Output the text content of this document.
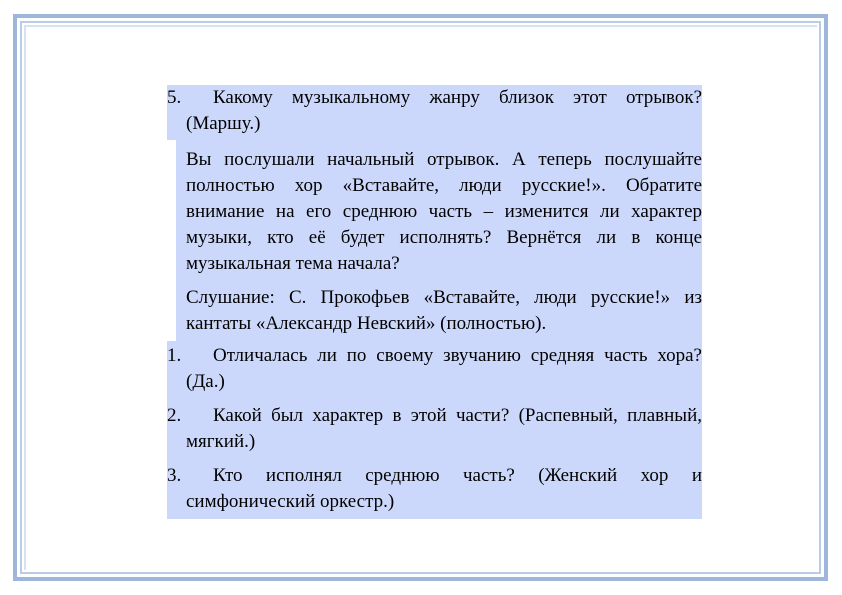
5.	Какому музыкальному жанру близок этот отрывок? (Маршу.)
Вы послушали начальный отрывок. А теперь послушайте полностью хор «Вставайте, люди русские!». Обратите внимание на его среднюю часть – изменится ли характер музыки, кто её будет исполнять? Вернётся ли в конце музыкальная тема начала?
Слушание: С. Прокофьев «Вставайте, люди русские!» из кантаты «Александр Невский» (полностью).
1.	Отличалась ли по своему звучанию средняя часть хора? (Да.)
2.	Какой был характер в этой части? (Распевный, плавный, мягкий.)
3.	Кто исполнял среднюю часть? (Женский хор и симфонический оркестр.)
